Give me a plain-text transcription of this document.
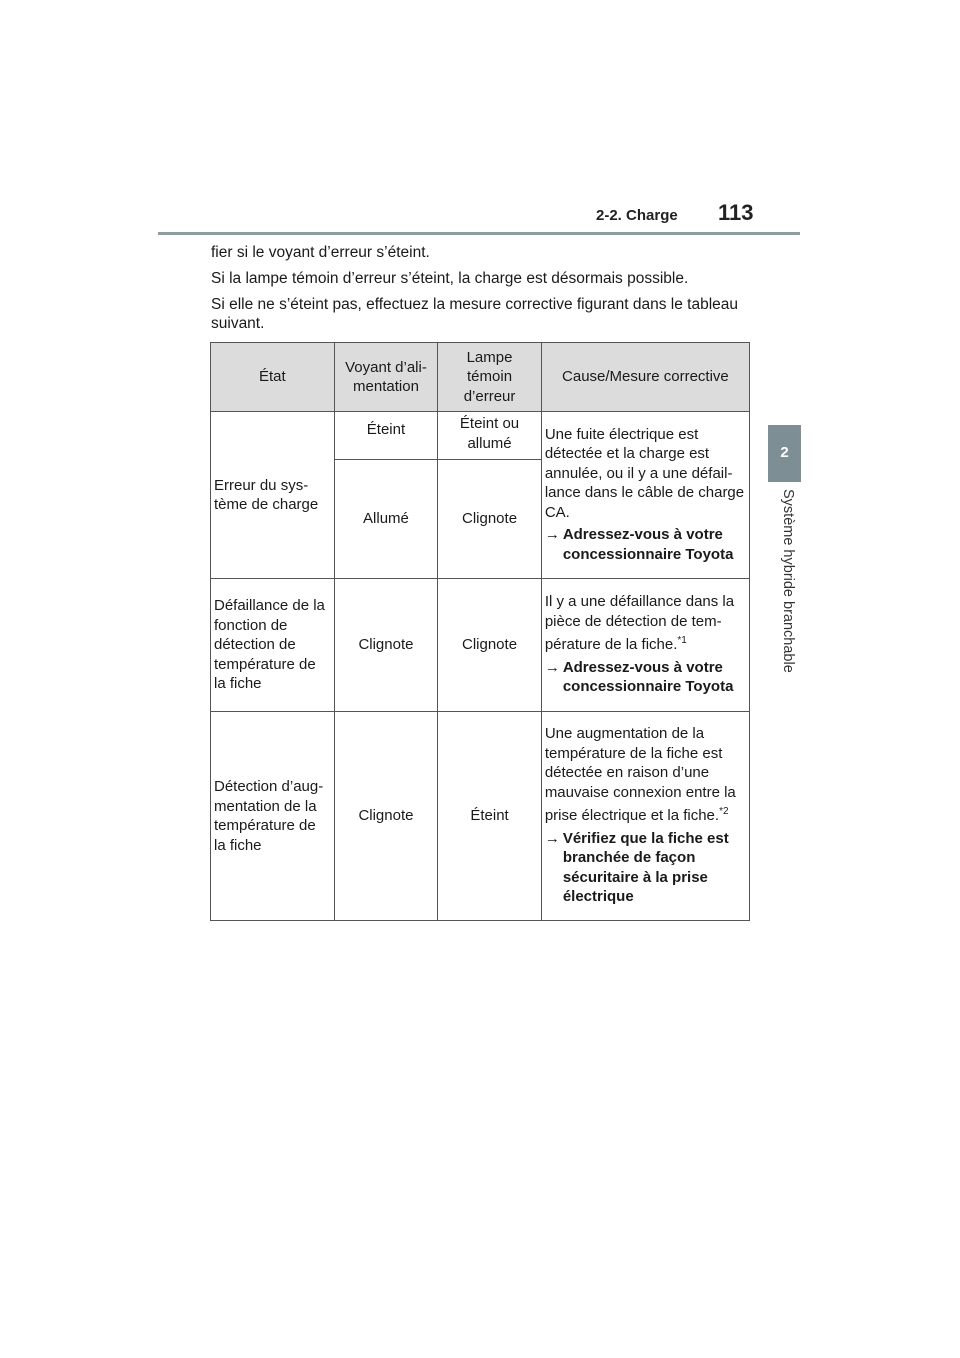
2-2. Charge 113
2
Système hybride branchable
fier si le voyant d’erreur s’éteint.
Si la lampe témoin d’erreur s’éteint, la charge est désormais possible.
Si elle ne s’éteint pas, effectuez la mesure corrective figurant dans le tableau suivant.
État	Voyant d’ali-mentation	Lampe témoin d’erreur	Cause/Mesure corrective
Erreur du sys-tème de charge	Éteint	Éteint ou allumé	Une fuite électrique est détectée et la charge est annulée, ou il y a une défail-lance dans le câble de charge CA.
→ Adressez-vous à votre concessionnaire Toyota

	Allumé	Clignote	
Défaillance de la fonction de détection de température de la fiche	Clignote	Clignote	Il y a une défaillance dans la pièce de détection de tem-pérature de la fiche.$^{*1}$
→ Adressez-vous à votre concessionnaire Toyota

Détection d’aug-mentation de la température de la fiche	Clignote	Éteint	Une augmentation de la température de la fiche est détectée en raison d’une mauvaise connexion entre la prise électrique et la fiche.$^{*2}$
→ Vérifiez que la fiche est branchée de façon sécuritaire à la prise électrique
